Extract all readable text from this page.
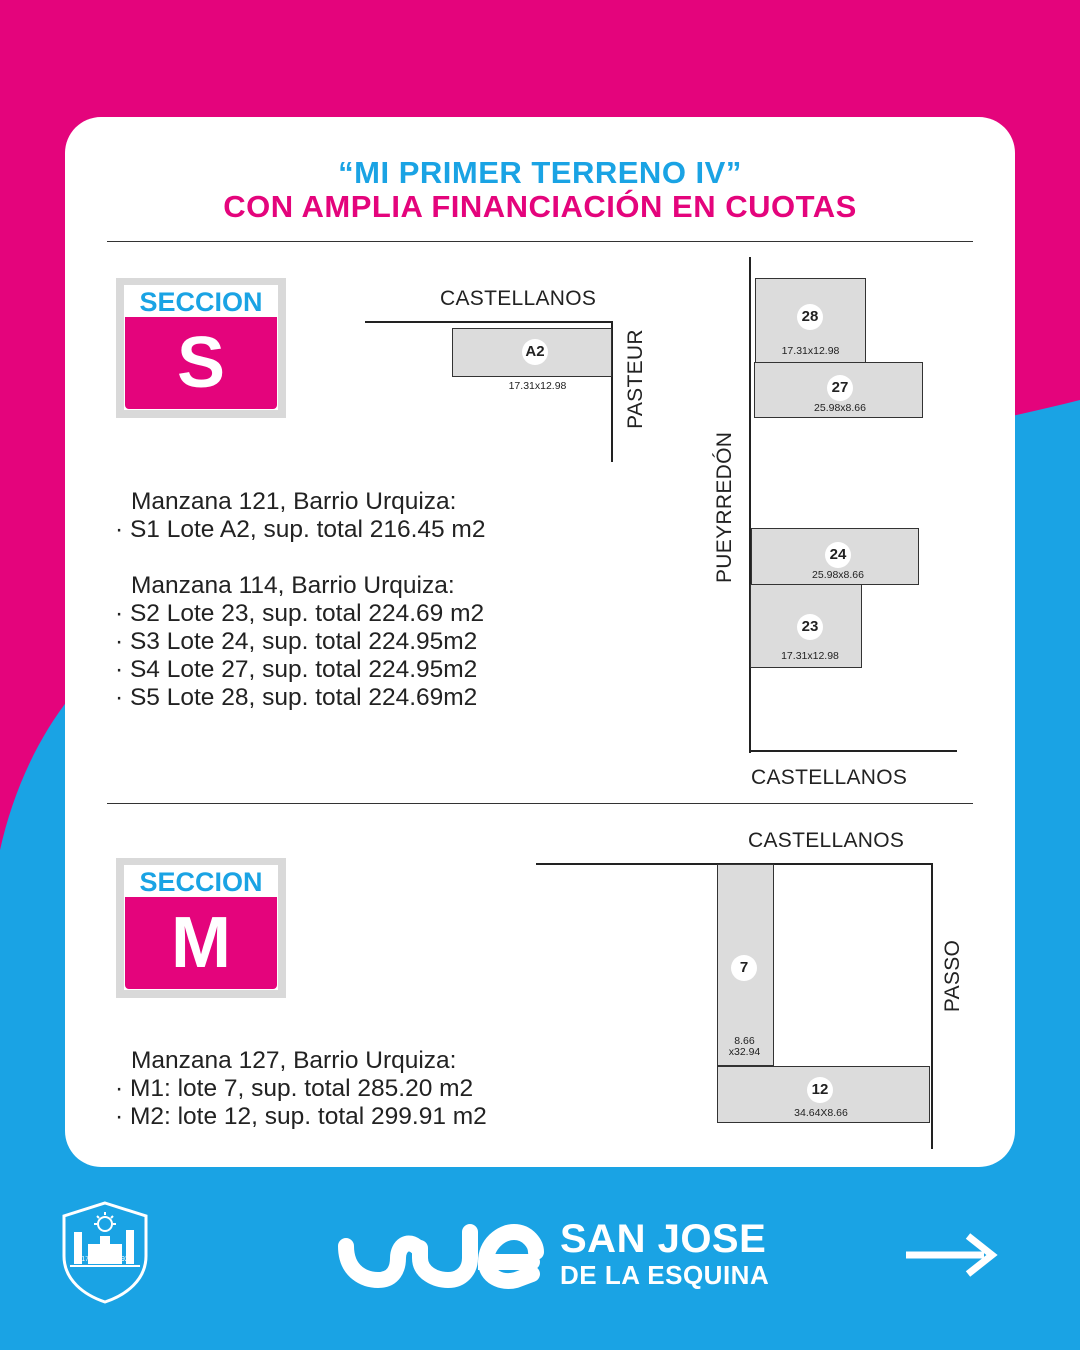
“MI PRIMER TERRENO IV”
CON AMPLIA FINANCIACIÓN EN CUOTAS
SECCION
S
Manzana 121, Barrio Urquiza:
· S1 Lote A2, sup. total 216.45 m2
Manzana 114, Barrio Urquiza:
· S2 Lote 23, sup. total 224.69 m2
· S3 Lote 24, sup. total 224.95m2
· S4 Lote 27, sup. total 224.95m2
· S5 Lote 28, sup. total 224.69m2
CASTELLANOS
A2
17.31x12.98	PASTEUR
PUEYRREDÓN
CASTELLANOS
28
17.31x12.98
27
25.98x8.66
24
25.98x8.66
23
17.31x12.98
SECCION
M
Manzana 127, Barrio Urquiza:
· M1: lote 7, sup. total 285.20 m2
· M2: lote 12, sup. total 299.91 m2
CASTELLANOS
PASSO
7
8.66
x32.94
12
34.64X8.66
1728	1892	SAN JOSE
DE LA ESQUINA
